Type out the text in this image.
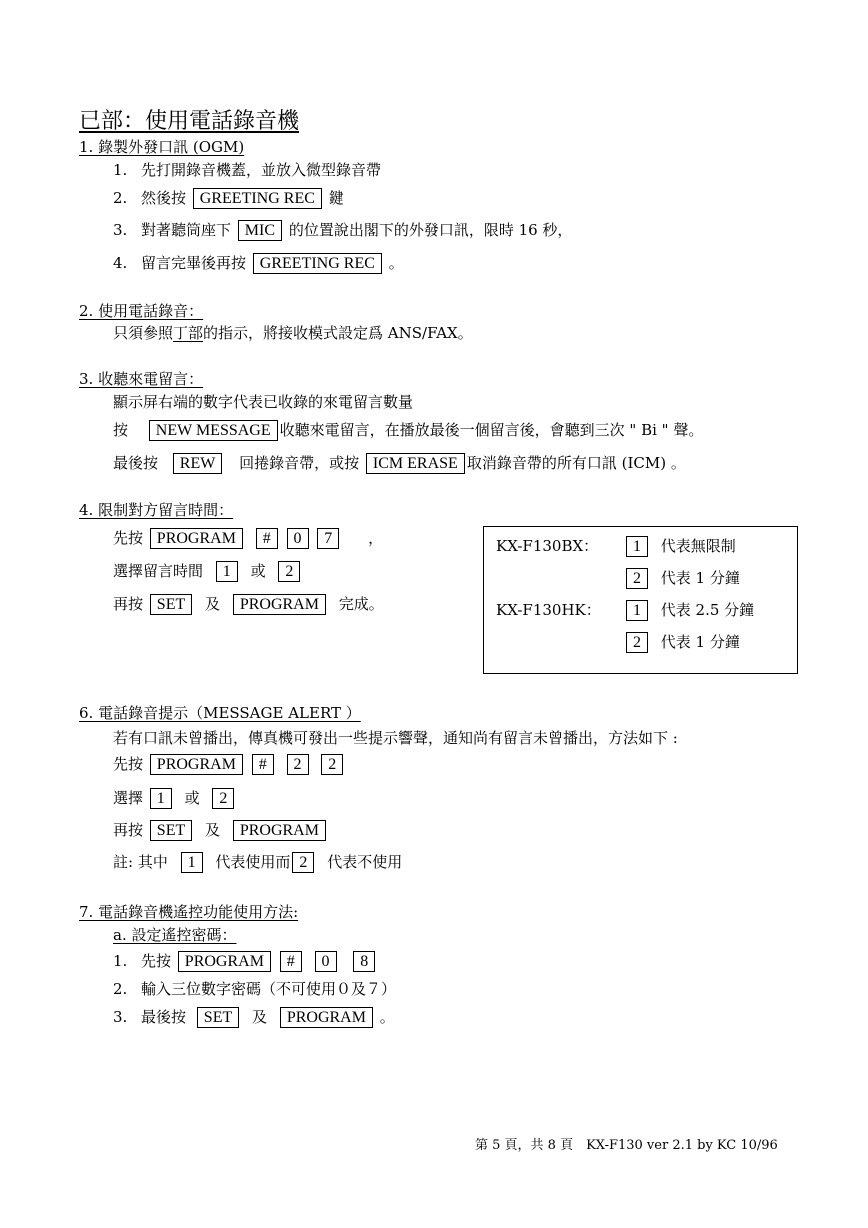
已部：使用電話錄音機
1. 錄製外發口訊 (OGM)
1. 先打開錄音機蓋，並放入微型錄音帶
2. 然後按 GREETING REC 鍵
3. 對著聽筒座下 MIC 的位置說出閣下的外發口訊，限時 16 秒，
4. 留言完畢後再按 GREETING REC 。
2. 使用電話錄音：
只須參照丁部的指示，將接收模式設定爲 ANS/FAX。
3. 收聽來電留言：
顯示屏右端的數字代表已收錄的來電留言數量
按 NEW MESSAGE 收聽來電留言，在播放最後一個留言後，會聽到三次 " Bi " 聲。
最後按 REW 回捲錄音帶，或按 ICM ERASE 取消錄音帶的所有口訊 (ICM) 。
4. 限制對方留言時間：
先按 PROGRAM # 0 7 ，
選擇留言時間 1 或 2
再按 SET 及 PROGRAM 完成。
KX-F130BX：	1 代表無限制
2 代表 1 分鐘
KX-F130HK：	1 代表 2.5 分鐘
2 代表 1 分鐘
6. 電話錄音提示（MESSAGE ALERT ）
若有口訊未曾播出，傳真機可發出一些提示響聲，通知尚有留言未曾播出，方法如下 :
先按 PROGRAM # 2 2
選擇 1 或 2
再按 SET 及 PROGRAM
註: 其中 1 代表使用而 2 代表不使用
7. 電話錄音機遙控功能使用方法:
a. 設定遙控密碼：
1. 先按 PROGRAM # 0 8
2. 輸入三位數字密碼（不可使用０及７）
3. 最後按 SET 及 PROGRAM 。
第 5 頁，共 8 頁　KX-F130 ver 2.1 by KC 10/96
